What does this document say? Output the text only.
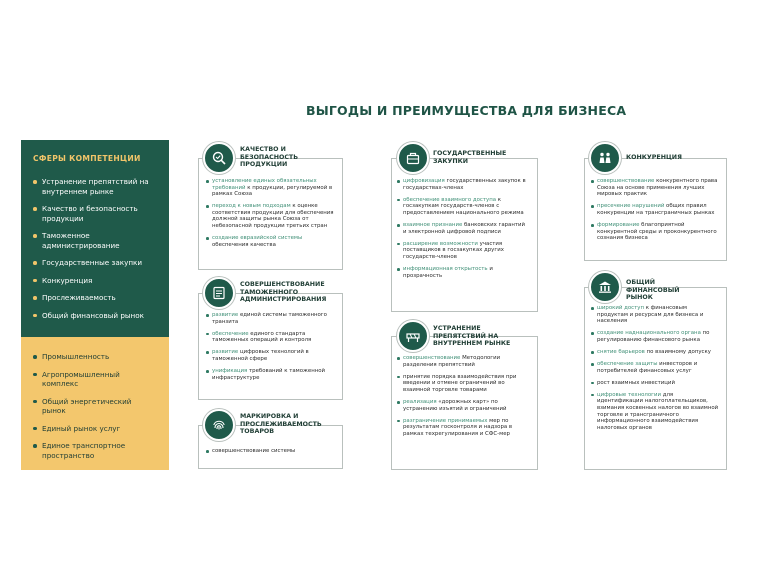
ВЫГОДЫ И ПРЕИМУЩЕСТВА ДЛЯ БИЗНЕСА
СФЕРЫ КОМПЕТЕНЦИИ
Устранение препятствий на внутреннем рынке
Качество и безопасность продукции
Таможенное администрирование
Государственные закупки
Конкуренция
Прослеживаемость
Общий финансовый рынок
Промышленность
Агропромышленный комплекс
Общий энергетический рынок
Единый рынок услуг
Единое транспортное пространство
КАЧЕСТВО И БЕЗОПАСНОСТЬ ПРОДУКЦИИ
установление единых обязательных требований к продукции, регулируемой в рамках Союза
переход к новым подходам к оценке соответствия продукции для обеспечения должной защиты рынка Союза от небезопасной продукции третьих стран
создание евразийской системы обеспечения качества
СОВЕРШЕНСТВОВАНИЕ ТАМОЖЕННОГО АДМИНИСТРИРОВАНИЯ
развитие единой системы таможенного транзита
обеспечение единого стандарта таможенных операций и контроля
развитие цифровых технологий в таможенной сфере
унификация требований к таможенной инфраструктуре
МАРКИРОВКА И ПРОСЛЕЖИВАЕМОСТЬ ТОВАРОВ
совершенствование системы
ГОСУДАРСТВЕННЫЕ ЗАКУПКИ
цифровизация государственных закупок в государствах-членах
обеспечение взаимного доступа к госзакупкам государств-членов с предоставлением национального режима
взаимное признание банковских гарантий и электронной цифровой подписи
расширение возможности участия поставщиков в госзакупках других государств-членов
информационная открытость и прозрачность
УСТРАНЕНИЕ ПРЕПЯТСТВИЙ НА ВНУТРЕННЕМ РЫНКЕ
совершенствование Методологии разделения препятствий
принятие порядка взаимодействия при введении и отмене ограничений во взаимной торговле товарами
реализация «дорожных карт» по устранению изъятий и ограничений
разграничение принимаемых мер по результатам госконтроля и надзора в рамках техрегулирования и СФС-мер
КОНКУРЕНЦИЯ
совершенствование конкурентного права Союза на основе применения лучших мировых практик
пресечение нарушений общих правил конкуренции на трансграничных рынках
формирование благоприятной конкурентной среды и проконкурентного сознания бизнеса
ОБЩИЙ ФИНАНСОВЫЙ РЫНОК
широкий доступ к финансовым продуктам и ресурсам для бизнеса и населения
создание наднационального органа по регулированию финансового рынка
снятие барьеров по взаимному допуску
обеспечение защиты инвесторов и потребителей финансовых услуг
рост взаимных инвестиций
цифровые технологии для идентификации налогоплательщиков, взимания косвенных налогов во взаимной торговле и трансграничного информационного взаимодействия налоговых органов
